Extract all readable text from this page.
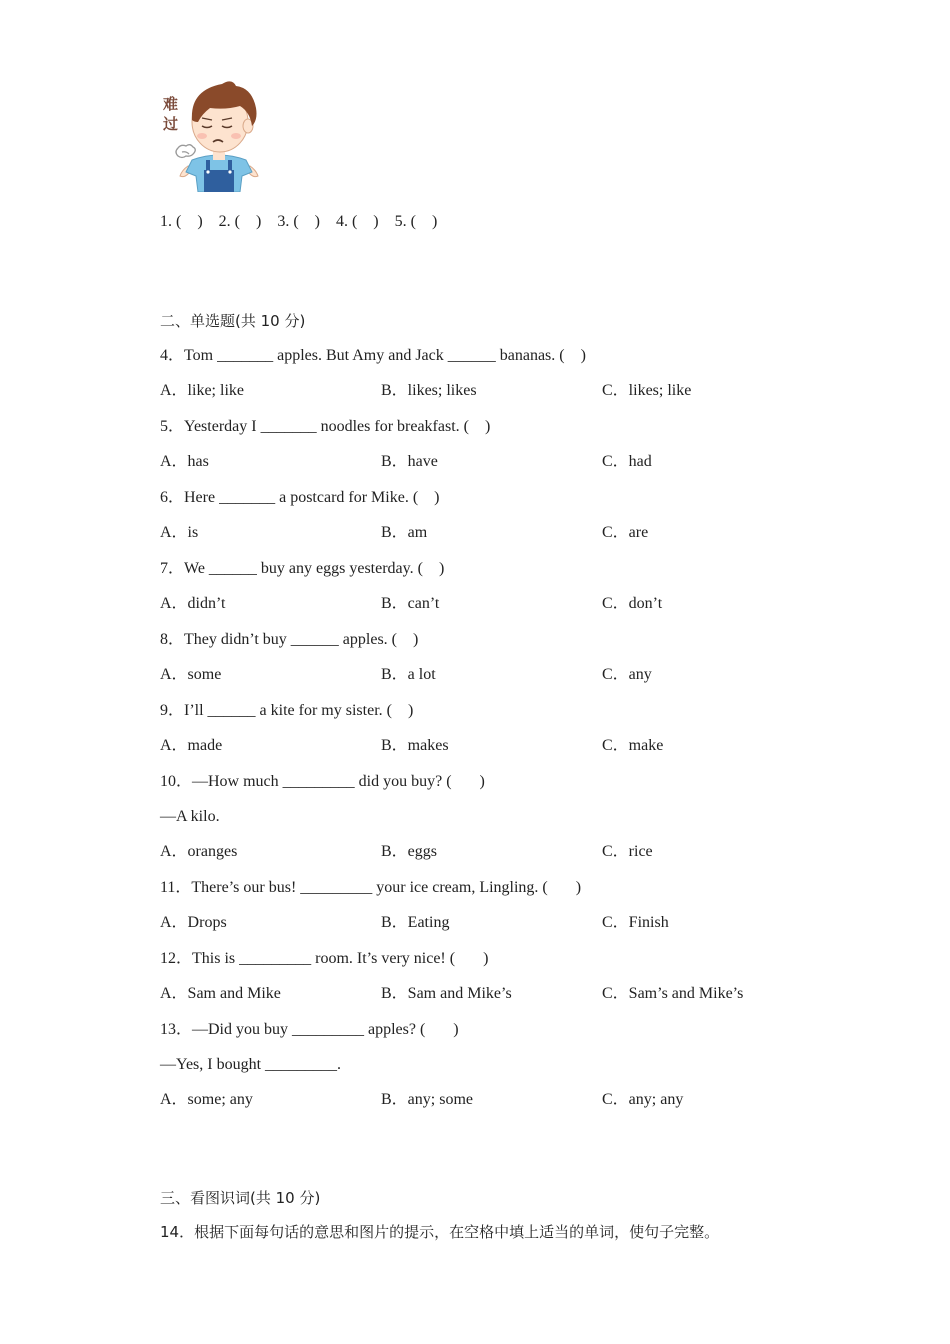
难过
1. (    )    2. (    )    3. (    )    4. (    )    5. (    )
二、单选题(共 10 分)
4．Tom _______ apples. But Amy and Jack ______ bananas. (    )
A．like; like	B．likes; likes	C．likes; like
5．Yesterday I _______ noodles for breakfast. (    )
A．has	B．have	C．had
6．Here _______ a postcard for Mike. (    )
A．is	B．am	C．are
7．We ______ buy any eggs yesterday. (    )
A．didn’t	B．can’t	C．don’t
8．They didn’t buy ______ apples. (    )
A．some	B．a lot	C．any
9．I’ll ______ a kite for my sister. (    )
A．made	B．makes	C．make
10．—How much _________ did you buy? (       )
—A kilo.
A．oranges	B．eggs	C．rice
11．There’s our bus! _________ your ice cream, Lingling. (       )
A．Drops	B．Eating	C．Finish
12．This is _________ room. It’s very nice! (       )
A．Sam and Mike	B．Sam and Mike’s	C．Sam’s and Mike’s
13．—Did you buy _________ apples? (       )
—Yes, I bought _________.
A．some; any	B．any; some	C．any; any
三、看图识词(共 10 分)
14．根据下面每句话的意思和图片的提示，在空格中填上适当的单词，使句子完整。
